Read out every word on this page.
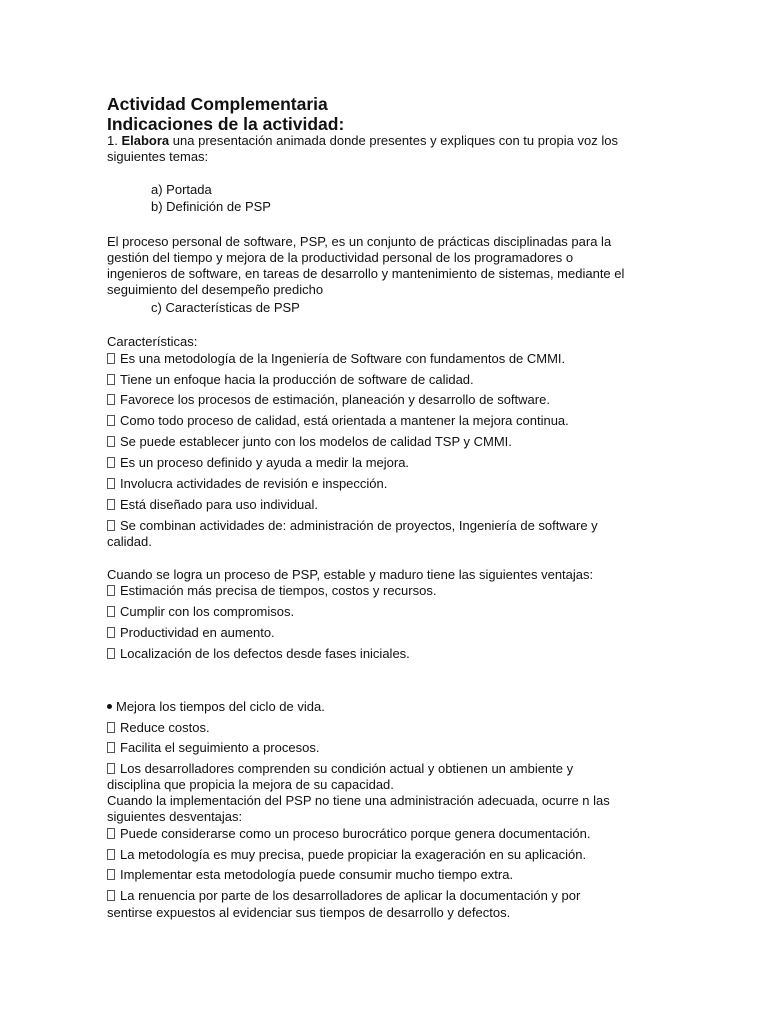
Actividad Complementaria
Indicaciones de la actividad:
1. Elabora una presentación animada donde presentes y expliques con tu propia voz los
siguientes temas:
a) Portada
b) Definición de PSP
El proceso personal de software, PSP, es un conjunto de prácticas disciplinadas para la
gestión del tiempo y mejora de la productividad personal de los programadores o
ingenieros de software, en tareas de desarrollo y mantenimiento de sistemas, mediante el
seguimiento del desempeño predicho
c) Características de PSP
Características:
Es una metodología de la Ingeniería de Software con fundamentos de CMMI.
Tiene un enfoque hacia la producción de software de calidad.
Favorece los procesos de estimación, planeación y desarrollo de software.
Como todo proceso de calidad, está orientada a mantener la mejora continua.
Se puede establecer junto con los modelos de calidad TSP y CMMI.
Es un proceso definido y ayuda a medir la mejora.
Involucra actividades de revisión e inspección.
Está diseñado para uso individual.
Se combinan actividades de: administración de proyectos, Ingeniería de software y
calidad.
Cuando se logra un proceso de PSP, estable y maduro tiene las siguientes ventajas:
Estimación más precisa de tiempos, costos y recursos.
Cumplir con los compromisos.
Productividad en aumento.
Localización de los defectos desde fases iniciales.
Mejora los tiempos del ciclo de vida.
Reduce costos.
Facilita el seguimiento a procesos.
Los desarrolladores comprenden su condición actual y obtienen un ambiente y
disciplina que propicia la mejora de su capacidad.
Cuando la implementación del PSP no tiene una administración adecuada, ocurre n las
siguientes desventajas:
Puede considerarse como un proceso burocrático porque genera documentación.
La metodología es muy precisa, puede propiciar la exageración en su aplicación.
Implementar esta metodología puede consumir mucho tiempo extra.
La renuencia por parte de los desarrolladores de aplicar la documentación y por
sentirse expuestos al evidenciar sus tiempos de desarrollo y defectos.
